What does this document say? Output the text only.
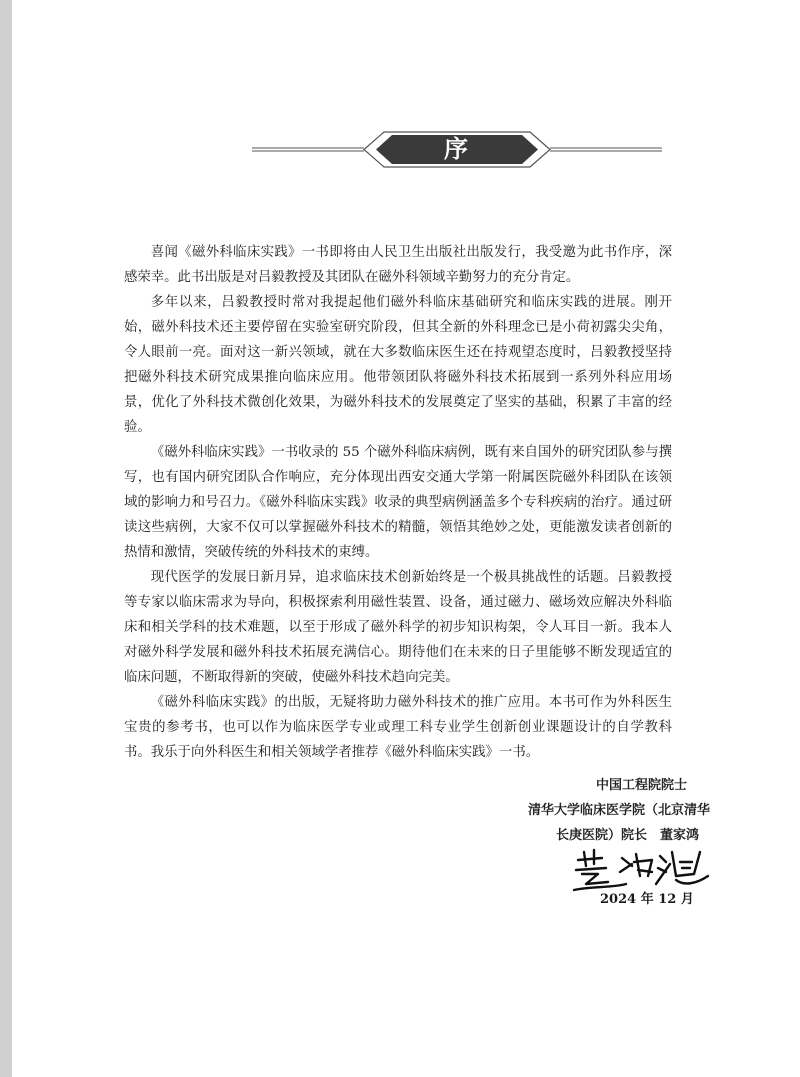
序

喜闻《磁外科临床实践》一书即将由人民卫生出版社出版发行，我受邀为此书作序，深感荣幸。此书出版是对吕毅教授及其团队在磁外科领域辛勤努力的充分肯定。

多年以来，吕毅教授时常对我提起他们磁外科临床基础研究和临床实践的进展。刚开始，磁外科技术还主要停留在实验室研究阶段，但其全新的外科理念已是小荷初露尖尖角，令人眼前一亮。面对这一新兴领域，就在大多数临床医生还在持观望态度时，吕毅教授坚持把磁外科技术研究成果推向临床应用。他带领团队将磁外科技术拓展到一系列外科应用场景，优化了外科技术微创化效果，为磁外科技术的发展奠定了坚实的基础，积累了丰富的经验。

《磁外科临床实践》一书收录的 55 个磁外科临床病例，既有来自国外的研究团队参与撰写，也有国内研究团队合作响应，充分体现出西安交通大学第一附属医院磁外科团队在该领域的影响力和号召力。《磁外科临床实践》收录的典型病例涵盖多个专科疾病的治疗。通过研读这些病例，大家不仅可以掌握磁外科技术的精髓，领悟其绝妙之处，更能激发读者创新的热情和激情，突破传统的外科技术的束缚。

现代医学的发展日新月异，追求临床技术创新始终是一个极具挑战性的话题。吕毅教授等专家以临床需求为导向，积极探索利用磁性装置、设备，通过磁力、磁场效应解决外科临床和相关学科的技术难题，以至于形成了磁外科学的初步知识构架，令人耳目一新。我本人对磁外科学发展和磁外科技术拓展充满信心。期待他们在未来的日子里能够不断发现适宜的临床问题，不断取得新的突破，使磁外科技术趋向完美。

《磁外科临床实践》的出版，无疑将助力磁外科技术的推广应用。本书可作为外科医生宝贵的参考书，也可以作为临床医学专业或理工科专业学生创新创业课题设计的自学教科书。我乐于向外科医生和相关领域学者推荐《磁外科临床实践》一书。

中国工程院院士
清华大学临床医学院（北京清华
长庚医院）院长　董家鸿
2024 年 12 月
